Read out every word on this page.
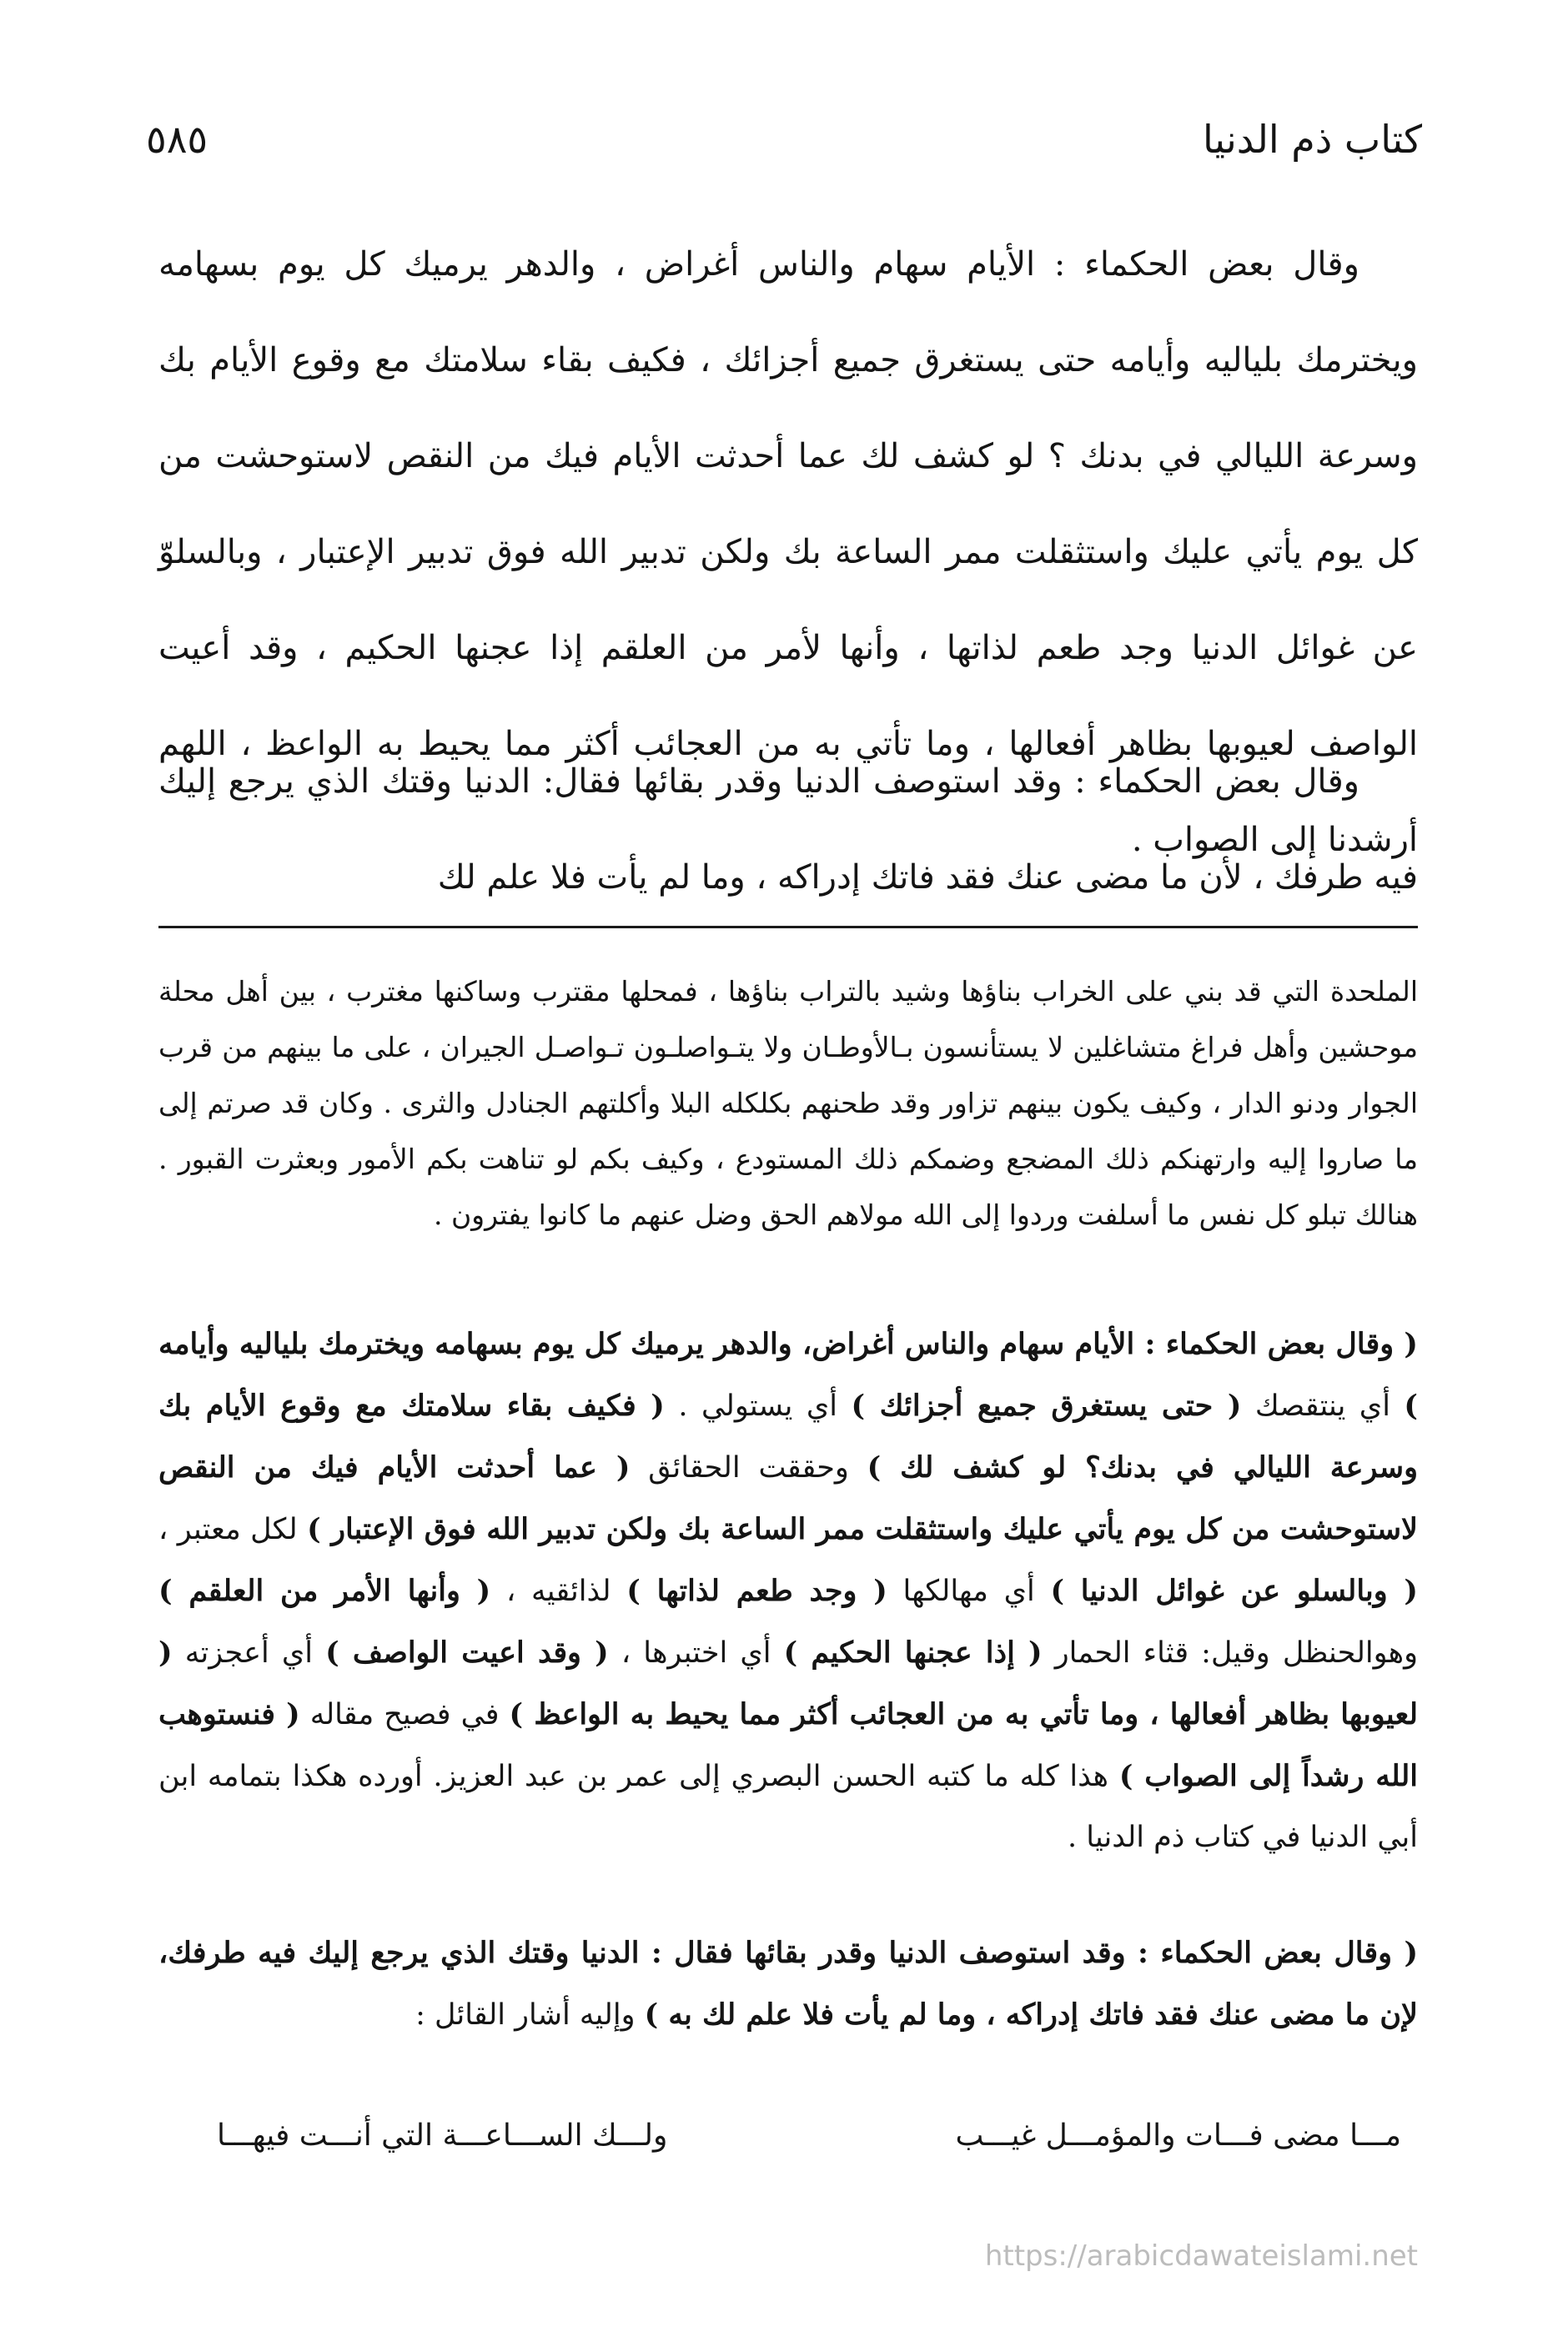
كتاب ذم الدنيا
٥٨٥

وقال بعض الحكماء : الأيام سهام والناس أغراض ، والدهر يرميك كل يوم بسهامه ويخترمك بلياليه وأيامه حتى يستغرق جميع أجزائك ، فكيف بقاء سلامتك مع وقوع الأيام بك وسرعة الليالي في بدنك ؟ لو كشف لك عما أحدثت الأيام فيك من النقص لاستوحشت من كل يوم يأتي عليك واستثقلت ممر الساعة بك ولكن تدبير الله فوق تدبير الإعتبار ، وبالسلوّ عن غوائل الدنيا وجد طعم لذاتها ، وأنها لأمر من العلقم إذا عجنها الحكيم ، وقد أعيت الواصف لعيوبها بظاهر أفعالها ، وما تأتي به من العجائب أكثر مما يحيط به الواعظ ، اللهم أرشدنا إلى الصواب .

وقال بعض الحكماء : وقد استوصف الدنيا وقدر بقائها فقال: الدنيا وقتك الذي يرجع إليك فيه طرفك ، لأن ما مضى عنك فقد فاتك إدراكه ، وما لم يأت فلا علم لك

الملحدة التي قد بني على الخراب بناؤها وشيد بالتراب بناؤها ، فمحلها مقترب وساكنها مغترب ، بين أهل محلة موحشين وأهل فراغ متشاغلين لا يستأنسون بـالأوطـان ولا يتـواصلـون تـواصـل الجيران ، على ما بينهم من قرب الجوار ودنو الدار ، وكيف يكون بينهم تزاور وقد طحنهم بكلكله البلا وأكلتهم الجنادل والثرى . وكان قد صرتم إلى ما صاروا إليه وارتهنكم ذلك المضجع وضمكم ذلك المستودع ، وكيف بكم لو تناهت بكم الأمور وبعثرت القبور . هنالك تبلو كل نفس ما أسلفت وردوا إلى الله مولاهم الحق وضل عنهم ما كانوا يفترون .

( وقال بعض الحكماء : الأيام سهام والناس أغراض، والدهر يرميك كل يوم بسهامه ويخترمك بلياليه وأيامه ) أي ينتقصك ( حتى يستغرق جميع أجزائك ) أي يستولي . ( فكيف بقاء سلامتك مع وقوع الأيام بك وسرعة الليالي في بدنك؟ لو كشف لك ) وحققت الحقائق ( عما أحدثت الأيام فيك من النقص لاستوحشت من كل يوم يأتي عليك واستثقلت ممر الساعة بك ولكن تدبير الله فوق الإعتبار ) لكل معتبر ، ( وبالسلو عن غوائل الدنيا ) أي مهالكها ( وجد طعم لذاتها ) لذائقيه ، ( وأنها الأمر من العلقم ) وهوالحنظل وقيل: قثاء الحمار ( إذا عجنها الحكيم ) أي اختبرها ، ( وقد اعيت الواصف ) أي أعجزته ( لعيوبها بظاهر أفعالها ، وما تأتي به من العجائب أكثر مما يحيط به الواعظ ) في فصيح مقاله ( فنستوهب الله رشداً إلى الصواب ) هذا كله ما كتبه الحسن البصري إلى عمر بن عبد العزيز. أورده هكذا بتمامه ابن أبي الدنيا في كتاب ذم الدنيا .

( وقال بعض الحكماء : وقد استوصف الدنيا وقدر بقائها فقال : الدنيا وقتك الذي يرجع إليك فيه طرفك، لإن ما مضى عنك فقد فاتك إدراكه ، وما لم يأت فلا علم لك به ) وإليه أشار القائل :

مـــا مضى فـــات والمؤمـــل غيـــب
ولـــك الســـاعـــة التي أنـــت فيهـــا
https://arabicdawateislami.net
